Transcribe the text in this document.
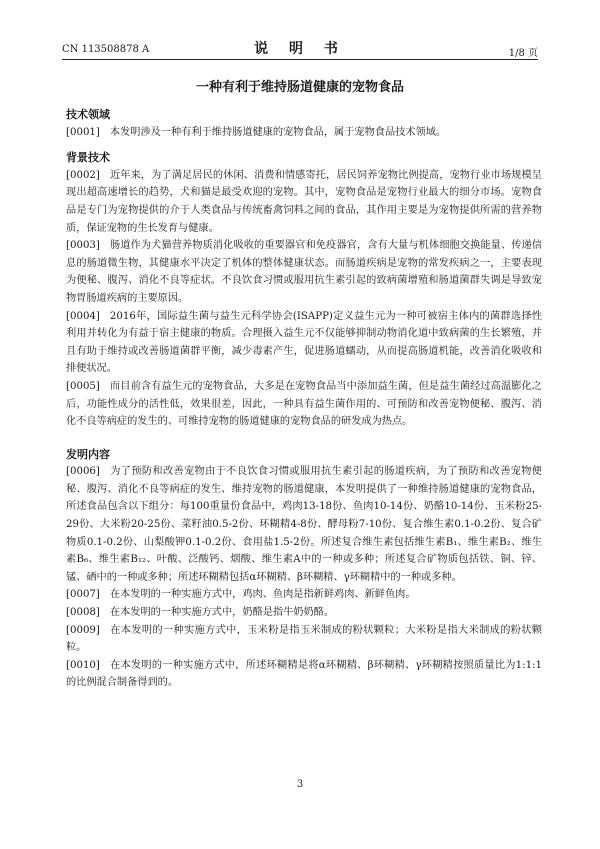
CN 113508878 A	说 明 书	1/8 页
一种有利于维持肠道健康的宠物食品

技术领域

[0001] 本发明涉及一种有利于维持肠道健康的宠物食品，属于宠物食品技术领域。

背景技术

[0002] 近年来，为了满足居民的休闲、消费和情感寄托，居民饲养宠物比例提高，宠物行业市场规模呈现出超高速增长的趋势，犬和猫是最受欢迎的宠物。其中，宠物食品是宠物行业最大的细分市场。宠物食品是专门为宠物提供的介于人类食品与传统畜禽饲料之间的食品，其作用主要是为宠物提供所需的营养物质，保证宠物的生长发育与健康。

[0003] 肠道作为犬猫营养物质消化吸收的重要器官和免疫器官，含有大量与机体细胞交换能量、传递信息的肠道微生物，其健康水平决定了机体的整体健康状态。而肠道疾病是宠物的常发疾病之一，主要表现为便秘、腹泻、消化不良等症状。不良饮食习惯或服用抗生素引起的致病菌增殖和肠道菌群失调是导致宠物胃肠道疾病的主要原因。

[0004] 2016年，国际益生菌与益生元科学协会(ISAPP)定义益生元为一种可被宿主体内的菌群选择性利用并转化为有益于宿主健康的物质。合理摄入益生元不仅能够抑制动物消化道中致病菌的生长繁殖，并且有助于维持或改善肠道菌群平衡，减少毒素产生，促进肠道蠕动，从而提高肠道机能，改善消化吸收和排便状况。

[0005] 而目前含有益生元的宠物食品，大多是在宠物食品当中添加益生菌，但是益生菌经过高温膨化之后，功能性成分的活性低，效果很差，因此，一种具有益生菌作用的、可预防和改善宠物便秘、腹泻、消化不良等病症的发生的、可维持宠物的肠道健康的宠物食品的研发成为热点。

发明内容

[0006] 为了预防和改善宠物由于不良饮食习惯或服用抗生素引起的肠道疾病，为了预防和改善宠物便秘、腹泻、消化不良等病症的发生、维持宠物的肠道健康，本发明提供了一种维持肠道健康的宠物食品，所述食品包含以下组分：每100重量份食品中，鸡肉13-18份、鱼肉10-14份、奶酪10-14份、玉米粉25-29份、大米粉20-25份、菜籽油0.5-2份、环糊精4-8份、酵母粉7-10份、复合维生素0.1-0.2份、复合矿物质0.1-0.2份、山梨酸钾0.1-0.2份、食用盐1.5-2份。所述复合维生素包括维生素B₁、维生素B₂、维生素B₆、维生素B₁₂、叶酸、泛酸钙、烟酸、维生素A中的一种或多种；所述复合矿物质包括铁、铜、锌、锰、硒中的一种或多种；所述环糊精包括α环糊精、β环糊精、γ环糊精中的一种或多种。

[0007] 在本发明的一种实施方式中，鸡肉、鱼肉是指新鲜鸡肉、新鲜鱼肉。

[0008] 在本发明的一种实施方式中，奶酪是指牛奶奶酪。

[0009] 在本发明的一种实施方式中，玉米粉是指玉米制成的粉状颗粒；大米粉是指大米制成的粉状颗粒。

[0010] 在本发明的一种实施方式中，所述环糊精是将α环糊精、β环糊精、γ环糊精按照质量比为1:1:1的比例混合制备得到的。

3
